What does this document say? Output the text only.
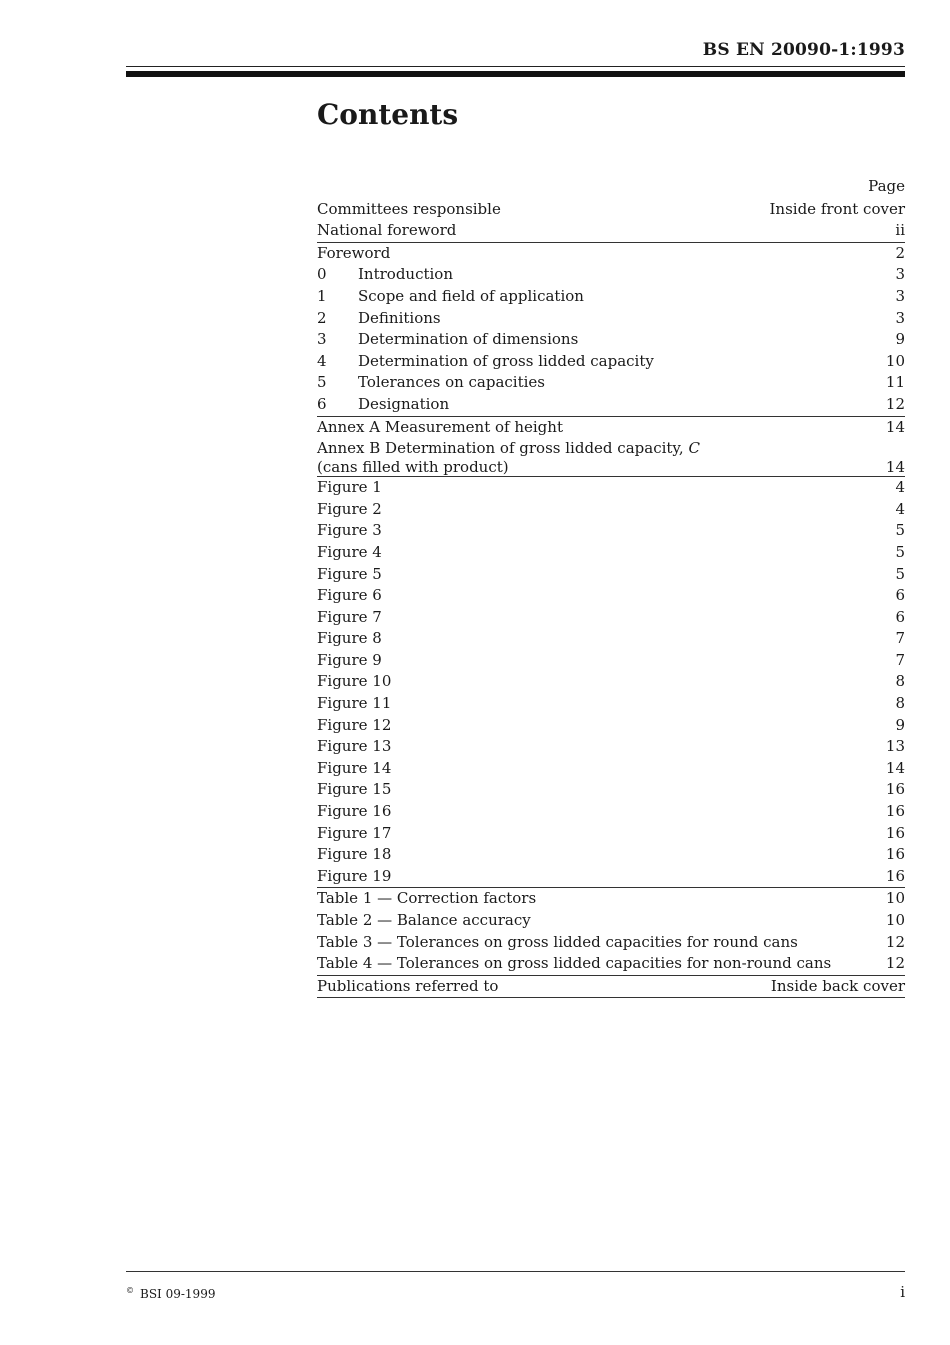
BS EN 20090-1:1993
Contents
Page
Committees responsible	Inside front cover
National foreword	ii
Foreword	2
0 Introduction	3
1 Scope and field of application	3
2 Definitions	3
3 Determination of dimensions	9
4 Determination of gross lidded capacity	10
5 Tolerances on capacities	11
6 Designation	12
Annex A Measurement of height	14
Annex B Determination of gross lidded capacity, C
(cans filled with product)	14
Figure 1	4
Figure 2	4
Figure 3	5
Figure 4	5
Figure 5	5
Figure 6	6
Figure 7	6
Figure 8	7
Figure 9	7
Figure 10	8
Figure 11	8
Figure 12	9
Figure 13	13
Figure 14	14
Figure 15	16
Figure 16	16
Figure 17	16
Figure 18	16
Figure 19	16
Table 1 — Correction factors	10
Table 2 — Balance accuracy	10
Table 3 — Tolerances on gross lidded capacities for round cans	12
Table 4 — Tolerances on gross lidded capacities for non-round cans	12
Publications referred to	Inside back cover
© BSI 09-1999	i
